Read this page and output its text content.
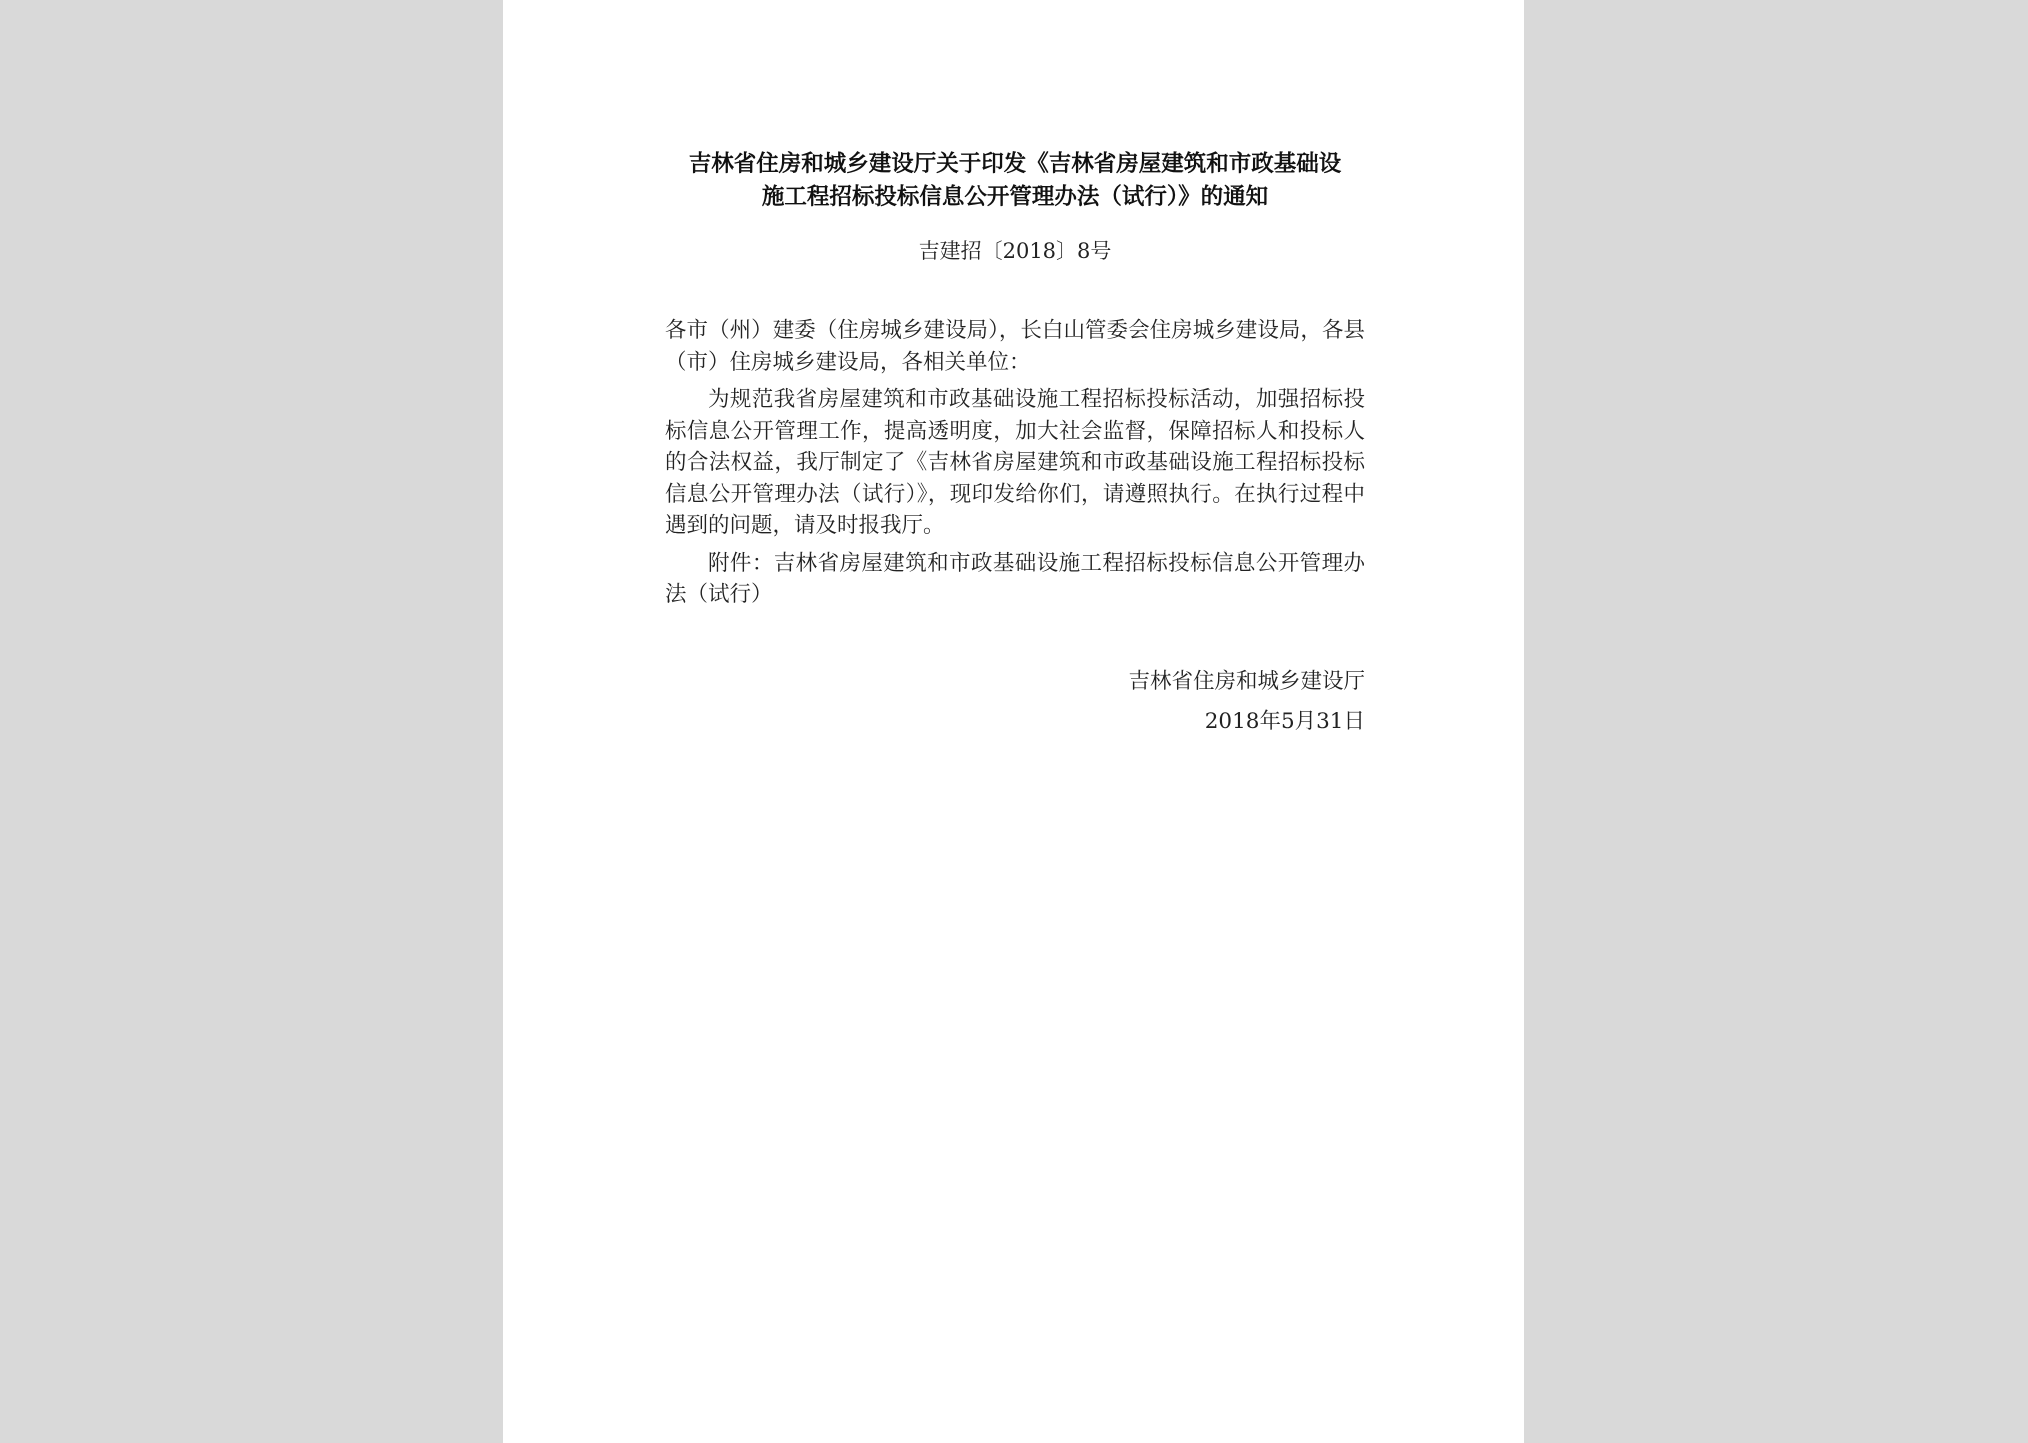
吉林省住房和城乡建设厅关于印发《吉林省房屋建筑和市政基础设
施工程招标投标信息公开管理办法（试行）》的通知
吉建招〔2018〕8号

各市（州）建委（住房城乡建设局），长白山管委会住房城乡建设局，各县（市）住房城乡建设局，各相关单位：

为规范我省房屋建筑和市政基础设施工程招标投标活动，加强招标投标信息公开管理工作，提高透明度，加大社会监督，保障招标人和投标人的合法权益，我厅制定了《吉林省房屋建筑和市政基础设施工程招标投标信息公开管理办法（试行）》，现印发给你们，请遵照执行。在执行过程中遇到的问题，请及时报我厅。

附件：吉林省房屋建筑和市政基础设施工程招标投标信息公开管理办法（试行）

吉林省住房和城乡建设厅
2018年5月31日
